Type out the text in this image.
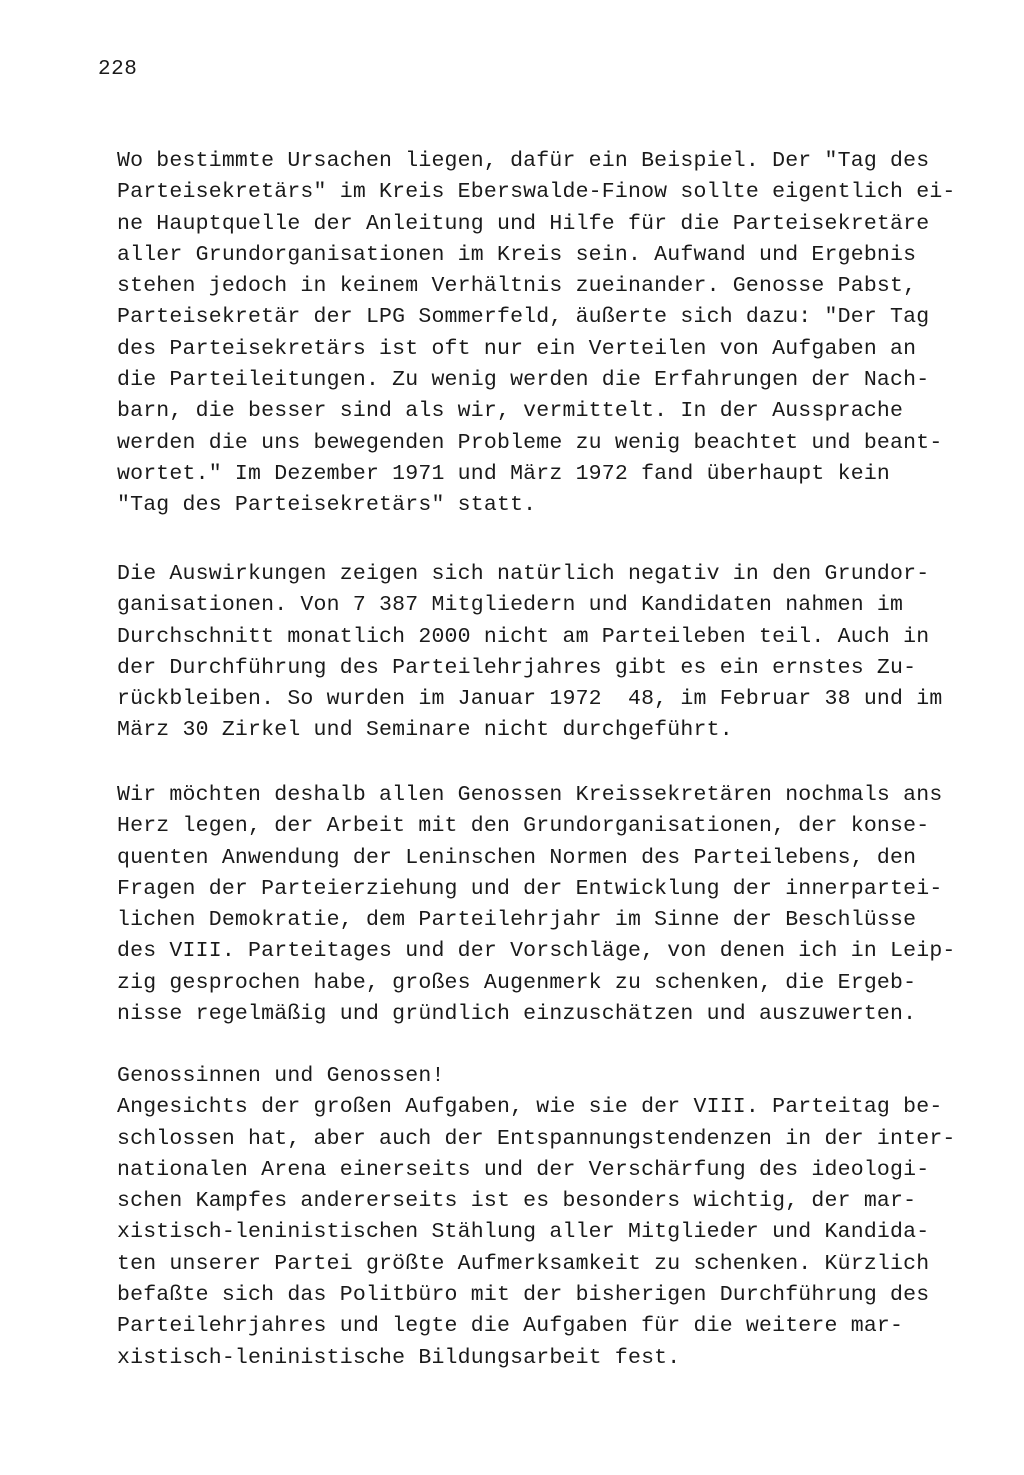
228
Wo bestimmte Ursachen liegen, dafür ein Beispiel. Der "Tag des
Parteisekretärs" im Kreis Eberswalde-Finow sollte eigentlich ei-
ne Hauptquelle der Anleitung und Hilfe für die Parteisekretäre
aller Grundorganisationen im Kreis sein. Aufwand und Ergebnis
stehen jedoch in keinem Verhältnis zueinander. Genosse Pabst,
Parteisekretär der LPG Sommerfeld, äußerte sich dazu: "Der Tag
des Parteisekretärs ist oft nur ein Verteilen von Aufgaben an
die Parteileitungen. Zu wenig werden die Erfahrungen der Nach-
barn, die besser sind als wir, vermittelt. In der Aussprache
werden die uns bewegenden Probleme zu wenig beachtet und beant-
wortet." Im Dezember 1971 und März 1972 fand überhaupt kein
"Tag des Parteisekretärs" statt.
Die Auswirkungen zeigen sich natürlich negativ in den Grundor-
ganisationen. Von 7 387 Mitgliedern und Kandidaten nahmen im
Durchschnitt monatlich 2000 nicht am Parteileben teil. Auch in
der Durchführung des Parteilehrjahres gibt es ein ernstes Zu-
rückbleiben. So wurden im Januar 1972  48, im Februar 38 und im
März 30 Zirkel und Seminare nicht durchgeführt.
Wir möchten deshalb allen Genossen Kreissekretären nochmals ans
Herz legen, der Arbeit mit den Grundorganisationen, der konse-
quenten Anwendung der Leninschen Normen des Parteilebens, den
Fragen der Parteierziehung und der Entwicklung der innerpartei-
lichen Demokratie, dem Parteilehrjahr im Sinne der Beschlüsse
des VIII. Parteitages und der Vorschläge, von denen ich in Leip-
zig gesprochen habe, großes Augenmerk zu schenken, die Ergeb-
nisse regelmäßig und gründlich einzuschätzen und auszuwerten.
Genossinnen und Genossen!
Angesichts der großen Aufgaben, wie sie der VIII. Parteitag be-
schlossen hat, aber auch der Entspannungstendenzen in der inter-
nationalen Arena einerseits und der Verschärfung des ideologi-
schen Kampfes andererseits ist es besonders wichtig, der mar-
xistisch-leninistischen Stählung aller Mitglieder und Kandida-
ten unserer Partei größte Aufmerksamkeit zu schenken. Kürzlich
befaßte sich das Politbüro mit der bisherigen Durchführung des
Parteilehrjahres und legte die Aufgaben für die weitere mar-
xistisch-leninistische Bildungsarbeit fest.
